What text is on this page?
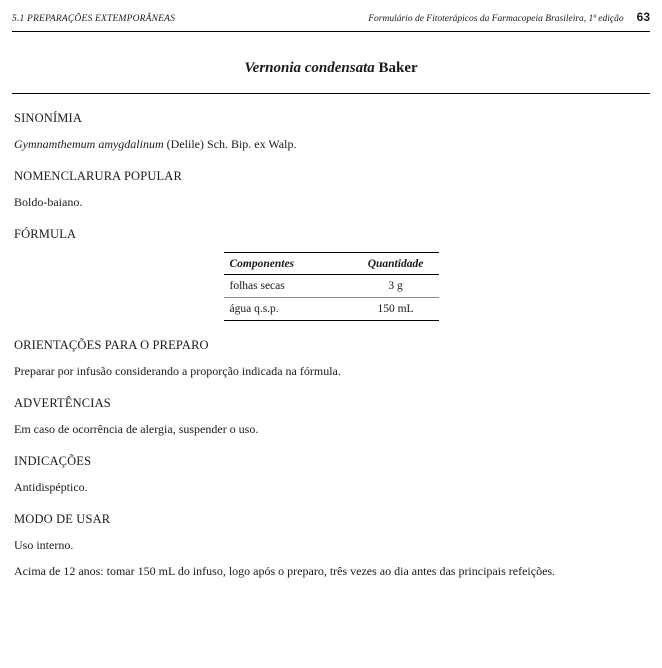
5.1 PREPARAÇÕES EXTEMPORÂNEAS	Formulário de Fitoterápicos da Farmacopeia Brasileira, 1ª edição 63
Vernonia condensata Baker
SINONÍMIA
Gymnamthemum amygdalinum (Delile) Sch. Bip. ex Walp.
NOMENCLARURA POPULAR
Boldo-baiano.
FÓRMULA
Componentes	Quantidade
folhas secas	3 g
água q.s.p.	150 mL
ORIENTAÇÕES PARA O PREPARO
Preparar por infusão considerando a proporção indicada na fórmula.
ADVERTÊNCIAS
Em caso de ocorrência de alergia, suspender o uso.
INDICAÇÕES
Antidispéptico.
MODO DE USAR
Uso interno.
Acima de 12 anos: tomar 150 mL do infuso, logo após o preparo, três vezes ao dia antes das principais refeições.
